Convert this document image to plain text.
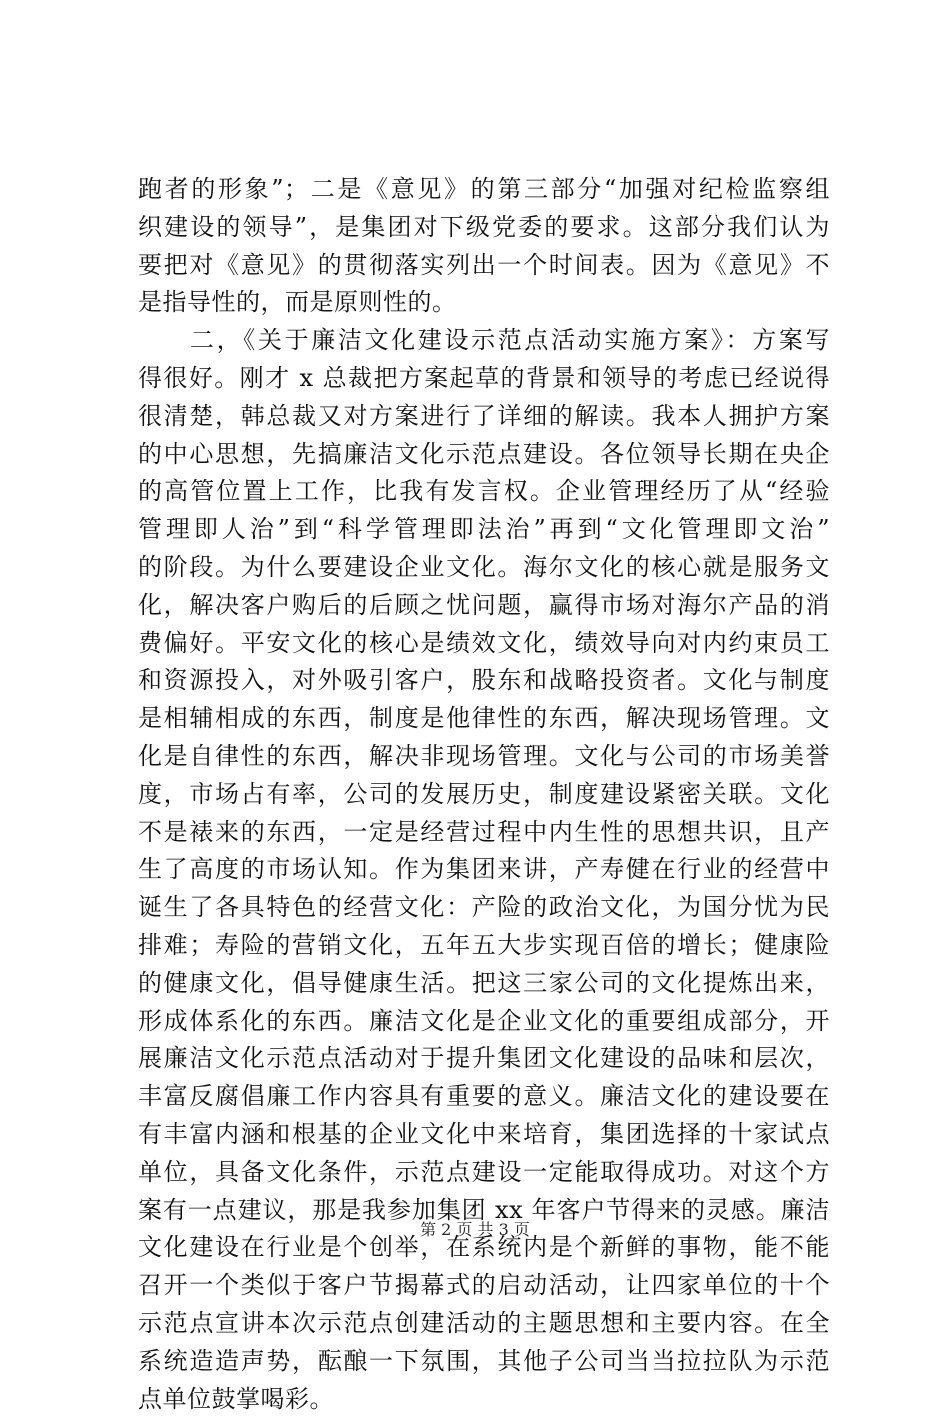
跑者的形象”；二是《意见》的第三部分“加强对纪检监察组
织建设的领导”，是集团对下级党委的要求。这部分我们认为
要把对《意见》的贯彻落实列出一个时间表。因为《意见》不
是指导性的，而是原则性的。
二，《关于廉洁文化建设示范点活动实施方案》：方案写
得很好。刚才 x 总裁把方案起草的背景和领导的考虑已经说得
很清楚，韩总裁又对方案进行了详细的解读。我本人拥护方案
的中心思想，先搞廉洁文化示范点建设。各位领导长期在央企
的高管位置上工作，比我有发言权。企业管理经历了从“经验
管理即人治”到“科学管理即法治”再到“文化管理即文治”
的阶段。为什么要建设企业文化。海尔文化的核心就是服务文
化，解决客户购后的后顾之忧问题，赢得市场对海尔产品的消
费偏好。平安文化的核心是绩效文化，绩效导向对内约束员工
和资源投入，对外吸引客户，股东和战略投资者。文化与制度
是相辅相成的东西，制度是他律性的东西，解决现场管理。文
化是自律性的东西，解决非现场管理。文化与公司的市场美誉
度，市场占有率，公司的发展历史，制度建设紧密关联。文化
不是裱来的东西，一定是经营过程中内生性的思想共识，且产
生了高度的市场认知。作为集团来讲，产寿健在行业的经营中
诞生了各具特色的经营文化：产险的政治文化，为国分忧为民
排难；寿险的营销文化，五年五大步实现百倍的增长；健康险
的健康文化，倡导健康生活。把这三家公司的文化提炼出来，
形成体系化的东西。廉洁文化是企业文化的重要组成部分，开
展廉洁文化示范点活动对于提升集团文化建设的品味和层次，
丰富反腐倡廉工作内容具有重要的意义。廉洁文化的建设要在
有丰富内涵和根基的企业文化中来培育，集团选择的十家试点
单位，具备文化条件，示范点建设一定能取得成功。对这个方
案有一点建议，那是我参加集团 xx 年客户节得来的灵感。廉洁
文化建设在行业是个创举，在系统内是个新鲜的事物，能不能
召开一个类似于客户节揭幕式的启动活动，让四家单位的十个
示范点宣讲本次示范点创建活动的主题思想和主要内容。在全
系统造造声势，酝酿一下氛围，其他子公司当当拉拉队为示范
点单位鼓掌喝彩。
第 2 页 共 3 页
